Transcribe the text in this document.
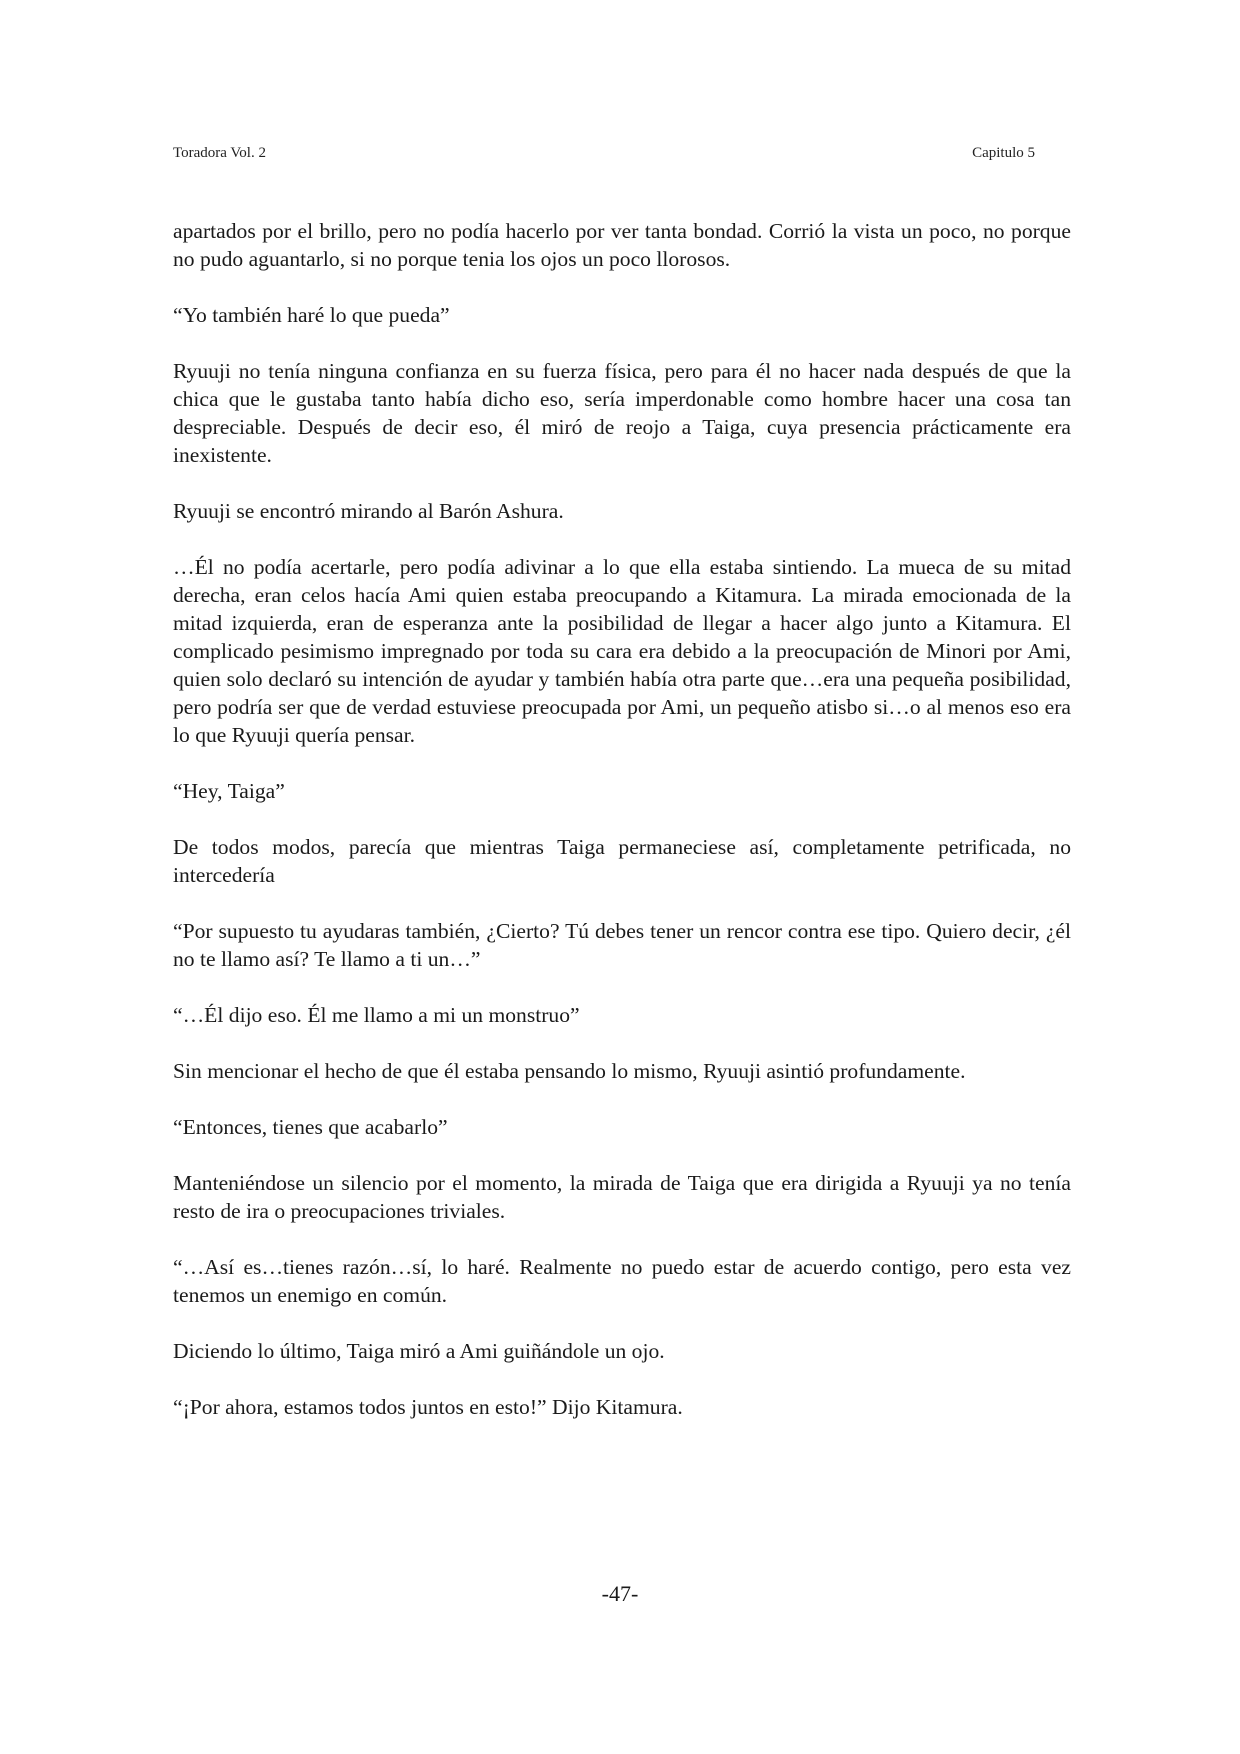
Toradora Vol. 2	Capitulo 5

apartados por el brillo, pero no podía hacerlo por ver tanta bondad. Corrió la vista un poco, no porque no pudo aguantarlo, si no porque tenia los ojos un poco llorosos.

“Yo también haré lo que pueda”

Ryuuji no tenía ninguna confianza en su fuerza física, pero para él no hacer nada después de que la chica que le gustaba tanto había dicho eso, sería imperdonable como hombre hacer una cosa tan despreciable. Después de decir eso, él miró de reojo a Taiga, cuya presencia prácticamente era inexistente.

Ryuuji se encontró mirando al Barón Ashura.

…Él no podía acertarle, pero podía adivinar a lo que ella estaba sintiendo. La mueca de su mitad derecha, eran celos hacía Ami quien estaba preocupando a Kitamura. La mirada emocionada de la mitad izquierda, eran de esperanza ante la posibilidad de llegar a hacer algo junto a Kitamura. El complicado pesimismo impregnado por toda su cara era debido a la preocupación de Minori por Ami, quien solo declaró su intención de ayudar y también había otra parte que…era una pequeña posibilidad, pero podría ser que de verdad estuviese preocupada por Ami, un pequeño atisbo si…o al menos eso era lo que Ryuuji quería pensar.

“Hey, Taiga”

De todos modos, parecía que mientras Taiga permaneciese así, completamente petrificada, no intercedería

“Por supuesto tu ayudaras también, ¿Cierto? Tú debes tener un rencor contra ese tipo. Quiero decir, ¿él no te llamo así? Te llamo a ti un…”

“…Él dijo eso. Él me llamo a mi un monstruo”

Sin mencionar el hecho de que él estaba pensando lo mismo, Ryuuji asintió profundamente.

“Entonces, tienes que acabarlo”

Manteniéndose un silencio por el momento, la mirada de Taiga que era dirigida a Ryuuji ya no tenía resto de ira o preocupaciones triviales.

“…Así es…tienes razón…sí, lo haré. Realmente no puedo estar de acuerdo contigo, pero esta vez tenemos un enemigo en común.

Diciendo lo último, Taiga miró a Ami guiñándole un ojo.

“¡Por ahora, estamos todos juntos en esto!” Dijo Kitamura.

-47-
